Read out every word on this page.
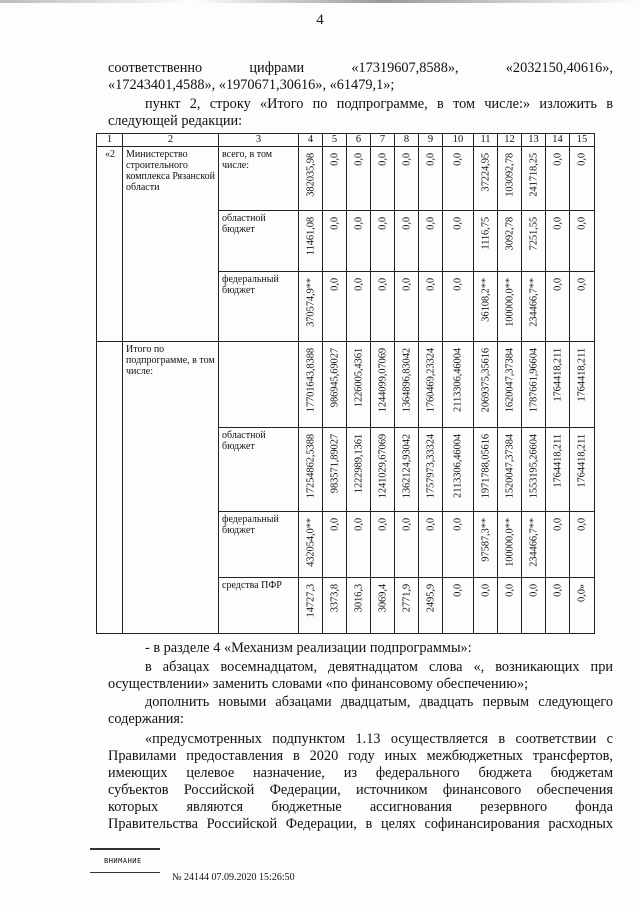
4
соответственно	цифрами	«17319607,8588»,	«2032150,40616»,
«17243401,4588», «1970671,30616», «61479,1»;
пункт 2, строку «Итого по подпрограмме, в том числе:» изложить в
следующей редакции:
1	2	3	4	5	6	7	8	9	10	11	12	13	14	15
«2	Министерство строительного комплекса Рязанской области	всего, в том числе:	382035,98	0,0	0,0	0,0	0,0	0,0	0,0	37224,95	103092,78	241718,25	0,0	0,0

		областной бюджет	11461,08	0,0	0,0	0,0	0,0	0,0	0,0	1116,75	3092,78	7251,55	0,0	0,0

		федеральный бюджет	370574,9**	0,0	0,0	0,0	0,0	0,0	0,0	36108,2**	100000,0**	234466,7**	0,0	0,0

	Итого по подпрограмме, в том числе:		17701643,8388	986945,69027	1226005,4361	1244099,07069	1364896,83042	1760469,23324	2113306,46004	2069375,35616	1620047,37384	1787661,96604	1764418,211	1764418,211

		областной бюджет	17254862,5388	983571,89027	1222989,1361	1241029,67069	1362124,93042	1757973,33324	2113306,46004	1971788,05616	1520047,37384	1553195,26604	1764418,211	1764418,211

		федеральный бюджет	432054,0**	0,0	0,0	0,0	0,0	0,0	0,0	97587,3**	100000,0**	234466,7**	0,0	0,0

		средства ПФР	14727,3	3373,8	3016,3	3069,4	2771,9	2495,9	0,0	0,0	0,0	0,0	0,0	0,0»
- в разделе 4 «Механизм реализации подпрограммы»:
в абзацах восемнадцатом, девятнадцатом слова «, возникающих при
осуществлении» заменить словами «по финансовому обеспечению»;
дополнить новыми абзацами двадцатым, двадцать первым следующего
содержания:
«предусмотренных подпунктом 1.13 осуществляется в соответствии с
Правилами предоставления в 2020 году иных межбюджетных трансфертов,
имеющих целевое назначение, из федерального бюджета бюджетам
субъектов Российской Федерации, источником финансового обеспечения
которых являются бюджетные ассигнования резервного фонда
Правительства Российской Федерации, в целях софинансирования расходных
ВНИМАНИЕ
№ 24144 07.09.2020 15:26:50
